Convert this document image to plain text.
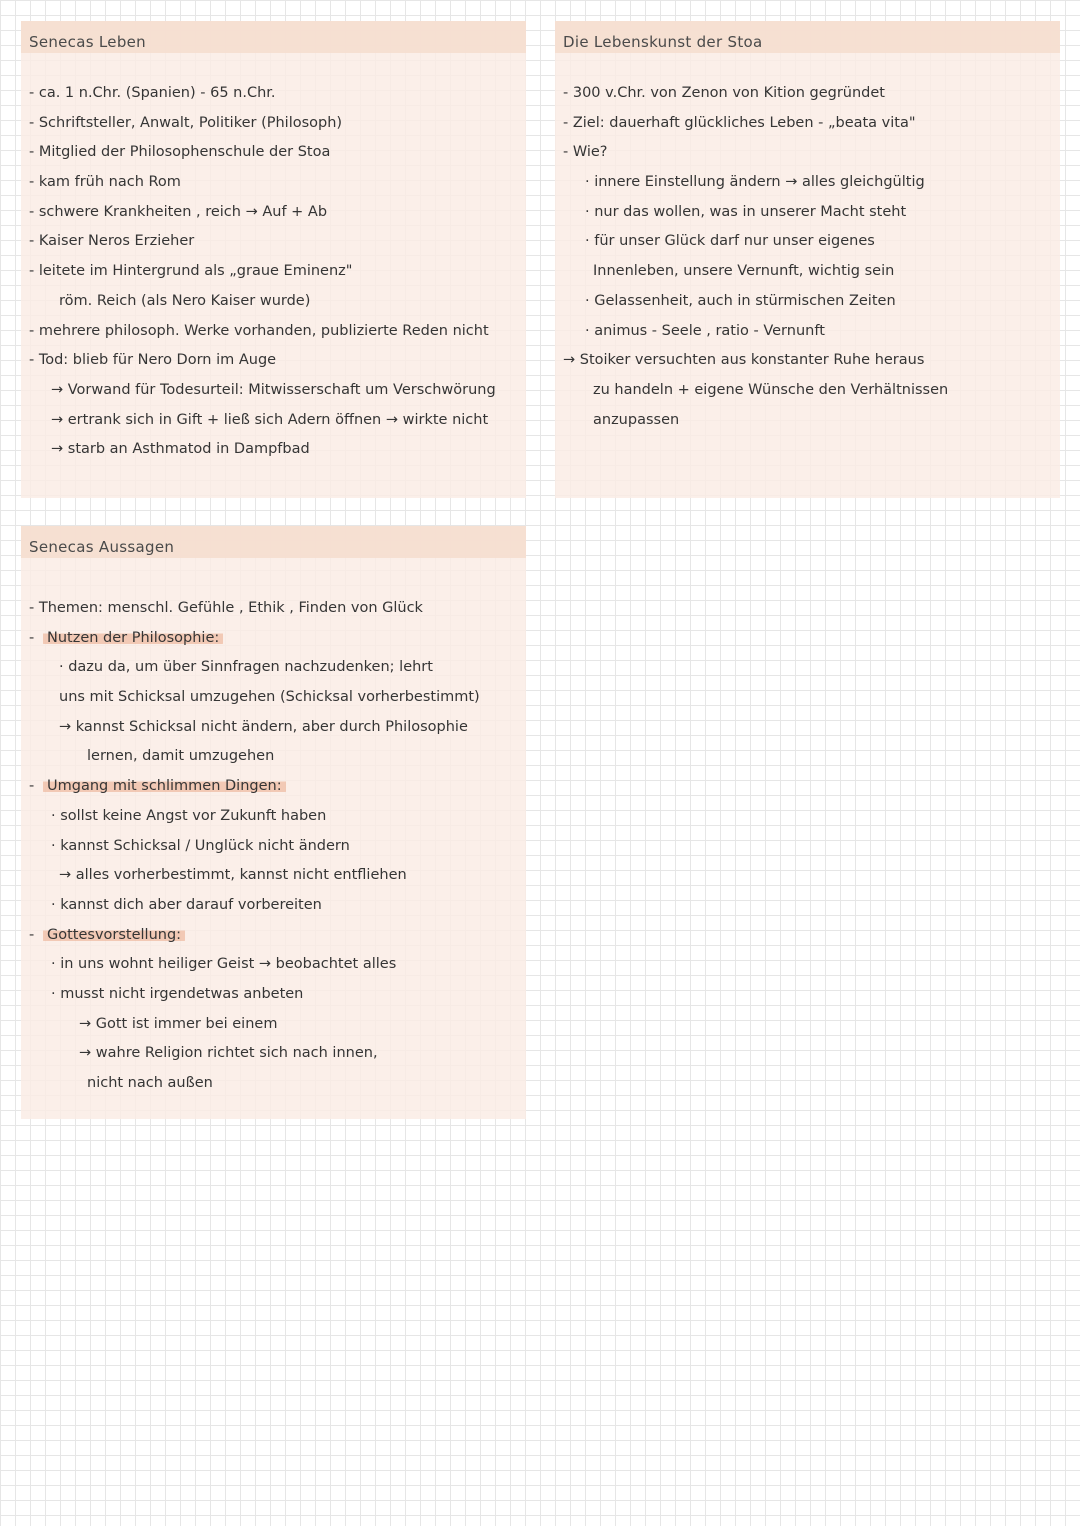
Senecas Leben
- ca. 1 n.Chr. (Spanien) - 65 n.Chr.
- Schriftsteller, Anwalt, Politiker (Philosoph)
- Mitglied der Philosophenschule der Stoa
- kam früh nach Rom
- schwere Krankheiten , reich → Auf + Ab
- Kaiser Neros Erzieher
- leitete im Hintergrund als „graue Eminenz"
röm. Reich (als Nero Kaiser wurde)
- mehrere philosoph. Werke vorhanden, publizierte Reden nicht
- Tod: blieb für Nero Dorn im Auge
→ Vorwand für Todesurteil: Mitwisserschaft um Verschwörung
→ ertrank sich in Gift + ließ sich Adern öffnen → wirkte nicht
→ starb an Asthmatod in Dampfbad
Die Lebenskunst der Stoa
- 300 v.Chr. von Zenon von Kition gegründet
- Ziel: dauerhaft glückliches Leben - „beata vita"
- Wie?
· innere Einstellung ändern → alles gleichgültig
· nur das wollen, was in unserer Macht steht
· für unser Glück darf nur unser eigenes
Innenleben, unsere Vernunft, wichtig sein
· Gelassenheit, auch in stürmischen Zeiten
· animus - Seele , ratio - Vernunft
→ Stoiker versuchten aus konstanter Ruhe heraus
zu handeln + eigene Wünsche den Verhältnissen
anzupassen
Senecas Aussagen
- Themen: menschl. Gefühle , Ethik , Finden von Glück
- Nutzen der Philosophie:
· dazu da, um über Sinnfragen nachzudenken; lehrt
uns mit Schicksal umzugehen (Schicksal vorherbestimmt)
→ kannst Schicksal nicht ändern, aber durch Philosophie
lernen, damit umzugehen
- Umgang mit schlimmen Dingen:
· sollst keine Angst vor Zukunft haben
· kannst Schicksal / Unglück nicht ändern
→ alles vorherbestimmt, kannst nicht entfliehen
· kannst dich aber darauf vorbereiten
- Gottesvorstellung:
· in uns wohnt heiliger Geist → beobachtet alles
· musst nicht irgendetwas anbeten
→ Gott ist immer bei einem
→ wahre Religion richtet sich nach innen,
nicht nach außen
